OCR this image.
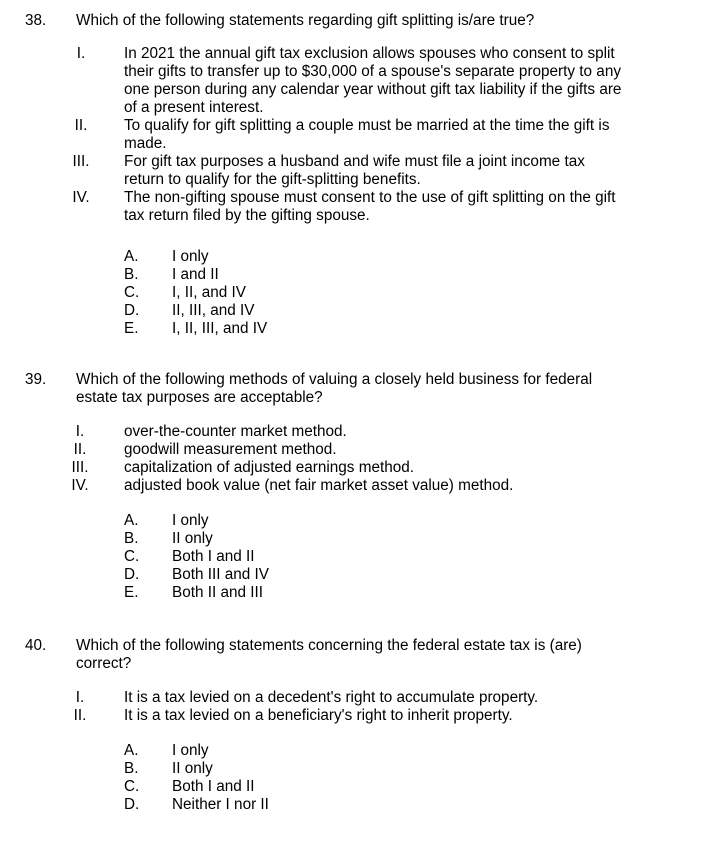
38. Which of the following statements regarding gift splitting is/are true?
I.	In 2021 the annual gift tax exclusion allows spouses who consent to split
their gifts to transfer up to $30,000 of a spouse's separate property to any
one person during any calendar year without gift tax liability if the gifts are
of a present interest.
II.	To qualify for gift splitting a couple must be married at the time the gift is
made.
III.	For gift tax purposes a husband and wife must file a joint income tax
return to qualify for the gift-splitting benefits.
IV.	The non-gifting spouse must consent to the use of gift splitting on the gift
tax return filed by the gifting spouse.
A. I only
B. I and II
C. I, II, and IV
D. II, III, and IV
E. I, II, III, and IV
39. Which of the following methods of valuing a closely held business for federal
estate tax purposes are acceptable?
I.	over-the-counter market method.
II.	goodwill measurement method.
III.	capitalization of adjusted earnings method.
IV.	adjusted book value (net fair market asset value) method.
A. I only
B. II only
C. Both I and II
D. Both III and IV
E. Both II and III
40. Which of the following statements concerning the federal estate tax is (are)
correct?
I.	It is a tax levied on a decedent's right to accumulate property.
II.	It is a tax levied on a beneficiary's right to inherit property.
A. I only
B. II only
C. Both I and II
D. Neither I nor II
